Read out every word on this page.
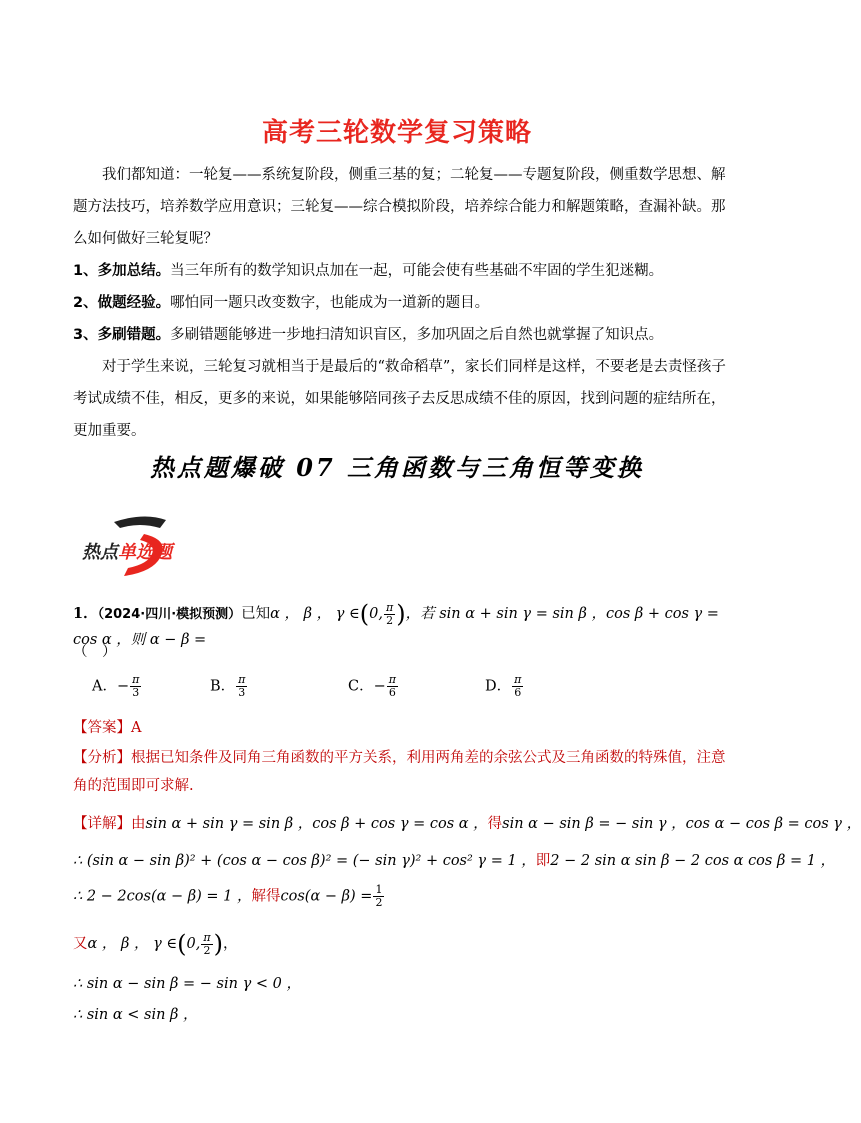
高考三轮数学复习策略

我们都知道：一轮复——系统复阶段，侧重三基的复；二轮复——专题复阶段，侧重数学思想、解题方法技巧，培养数学应用意识；三轮复——综合模拟阶段，培养综合能力和解题策略，查漏补缺。那么如何做好三轮复呢？

1、多加总结。当三年所有的数学知识点加在一起，可能会使有些基础不牢固的学生犯迷糊。

2、做题经验。哪怕同一题只改变数字，也能成为一道新的题目。

3、多刷错题。多刷错题能够进一步地扫清知识盲区，多加巩固之后自然也就掌握了知识点。

对于学生来说，三轮复习就相当于是最后的“救命稻草”，家长们同样是这样，不要老是去责怪孩子考试成绩不佳，相反，更多的来说，如果能够陪同孩子去反思成绩不佳的原因，找到问题的症结所在，更加重要。

热点题爆破 07 三角函数与三角恒等变换
热点单选题
1．（2024·四川·模拟预测）已知α ， β ， γ ∈(0, $\frac{\pi}{2}$ )，若 sin α + sin γ = sin β ，cos β + cos γ = cos α ，则 α − β =
（　）
A．− $\frac{\pi}{3}$	B． $\frac{\pi}{3}$	C．− $\frac{\pi}{6}$	D． $\frac{\pi}{6}$
【答案】A
【分析】根据已知条件及同角三角函数的平方关系，利用两角差的余弦公式及三角函数的特殊值，注意角的范围即可求解.
【详解】由sin α + sin γ = sin β ，cos β + cos γ = cos α ，得sin α − sin β = − sin γ ，cos α − cos β = cos γ ，
∴ (sin α − sin β)² + (cos α − cos β)² = (− sin γ)² + cos² γ = 1 ，即2 − 2 sin α sin β − 2 cos α cos β = 1 ，
∴ 2 − 2cos(α − β) = 1 ，解得$\cos(\alpha - \beta) = \frac{1}{2}$
又α ， β ， γ ∈(0, $\frac{\pi}{2}$ )，
∴ sin α − sin β = − sin γ < 0 ，
∴ sin α < sin β ，
